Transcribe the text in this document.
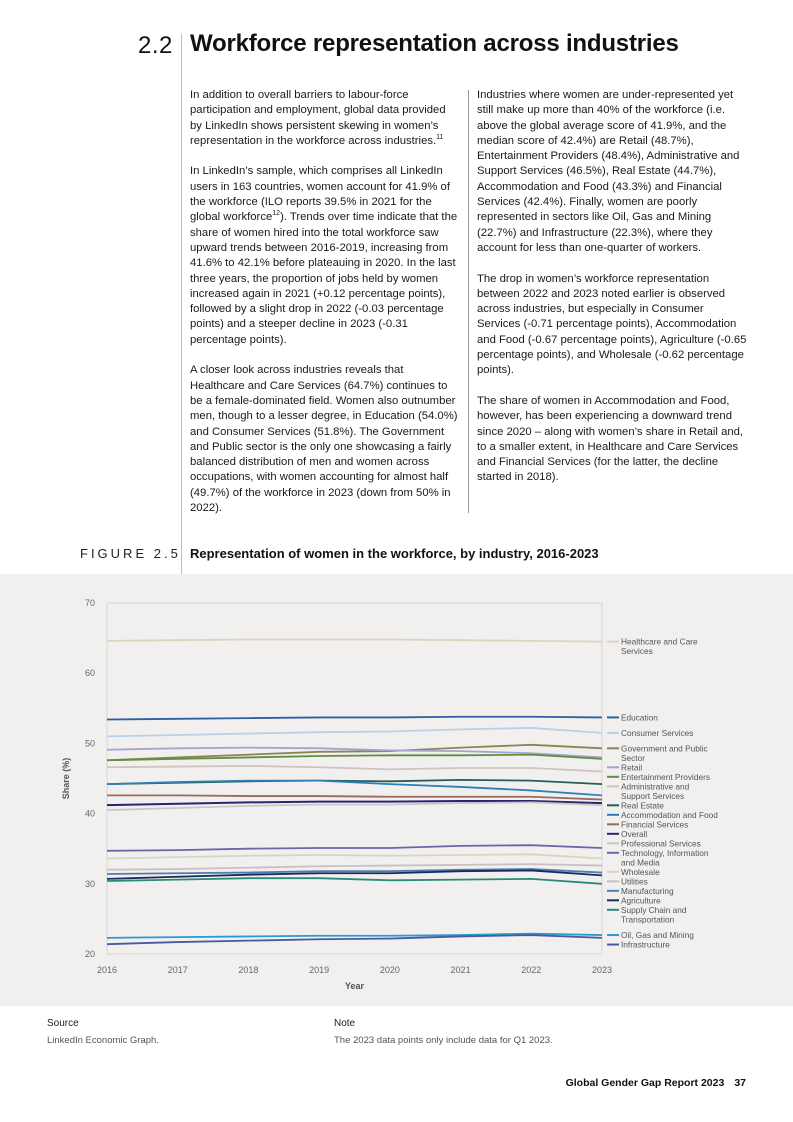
2.2 Workforce representation across industries

In addition to overall barriers to labour-force participation and employment, global data provided by LinkedIn shows persistent skewing in women’s representation in the workforce across industries.$^{11}$

In LinkedIn’s sample, which comprises all LinkedIn users in 163 countries, women account for 41.9% of the workforce (ILO reports 39.5% in 2021 for the global workforce$^{12}$). Trends over time indicate that the share of women hired into the total workforce saw upward trends between 2016-2019, increasing from 41.6% to 42.1% before plateauing in 2020. In the last three years, the proportion of jobs held by women increased again in 2021 (+0.12 percentage points), followed by a slight drop in 2022 (-0.03 percentage points) and a steeper decline in 2023 (-0.31 percentage points).

A closer look across industries reveals that Healthcare and Care Services (64.7%) continues to be a female-dominated field. Women also outnumber men, though to a lesser degree, in Education (54.0%) and Consumer Services (51.8%). The Government and Public sector is the only one showcasing a fairly balanced distribution of men and women across occupations, with women accounting for almost half (49.7%) of the workforce in 2023 (down from 50% in 2022).

Industries where women are under-represented yet still make up more than 40% of the workforce (i.e. above the global average score of 41.9%, and the median score of 42.4%) are Retail (48.7%), Entertainment Providers (48.4%), Administrative and Support Services (46.5%), Real Estate (44.7%), Accommodation and Food (43.3%) and Financial Services (42.4%). Finally, women are poorly represented in sectors like Oil, Gas and Mining (22.7%) and Infrastructure (22.3%), where they account for less than one-quarter of workers.

The drop in women’s workforce representation between 2022 and 2023 noted earlier is observed across industries, but especially in Consumer Services (-0.71 percentage points), Accommodation and Food (-0.67 percentage points), Agriculture (-0.65 percentage points), and Wholesale (-0.62 percentage points).

The share of women in Accommodation and Food, however, has been experiencing a downward trend since 2020 – along with women’s share in Retail and, to a smaller extent, in Healthcare and Care Services and Financial Services (for the latter, the decline started in 2018).

FIGURE 2.5 Representation of women in the workforce, by industry, 2016-2023
20
30
40
50
60
70
2016	2017	2018	2019	2020	2021	2022	2023
Year
Share (%)
Healthcare and Care Services
Education
Consumer Services
Government and Public Sector
Retail
Entertainment Providers
Administrative and Support Services
Real Estate
Accommodation and Food
Financial Services
Overall
Professional Services
Technology, Information and Media
Wholesale
Utilities
Manufacturing
Agriculture
Supply Chain and Transportation
Oil, Gas and Mining
Infrastructure
Source
LinkedIn Economic Graph.
Note
The 2023 data points only include data for Q1 2023.
Global Gender Gap Report 2023 37
